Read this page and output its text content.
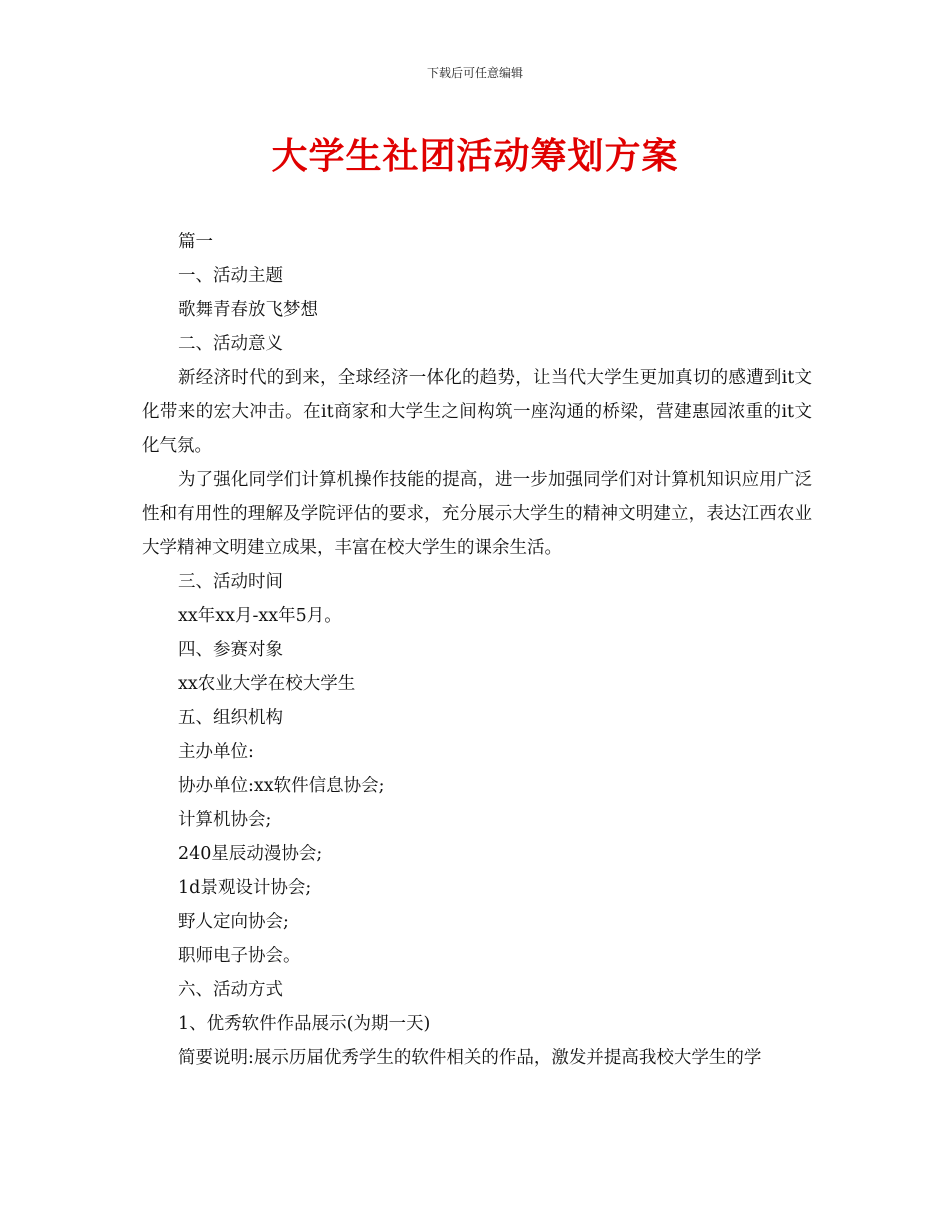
下载后可任意编辑
大学生社团活动筹划方案

篇一

一、活动主题

歌舞青春放飞梦想

二、活动意义

新经济时代的到来，全球经济一体化的趋势，让当代大学生更加真切的感遭到it文化带来的宏大冲击。在it商家和大学生之间构筑一座沟通的桥梁，营建惠园浓重的it文化气氛。

为了强化同学们计算机操作技能的提高，进一步加强同学们对计算机知识应用广泛性和有用性的理解及学院评估的要求，充分展示大学生的精神文明建立，表达江西农业大学精神文明建立成果，丰富在校大学生的课余生活。

三、活动时间

xx年xx月-xx年5月。

四、参赛对象

xx农业大学在校大学生

五、组织机构

主办单位:

协办单位:xx软件信息协会;

计算机协会;

240星辰动漫协会;

1d景观设计协会;

野人定向协会;

职师电子协会。

六、活动方式

1、优秀软件作品展示(为期一天)

简要说明:展示历届优秀学生的软件相关的作品，激发并提高我校大学生的学
